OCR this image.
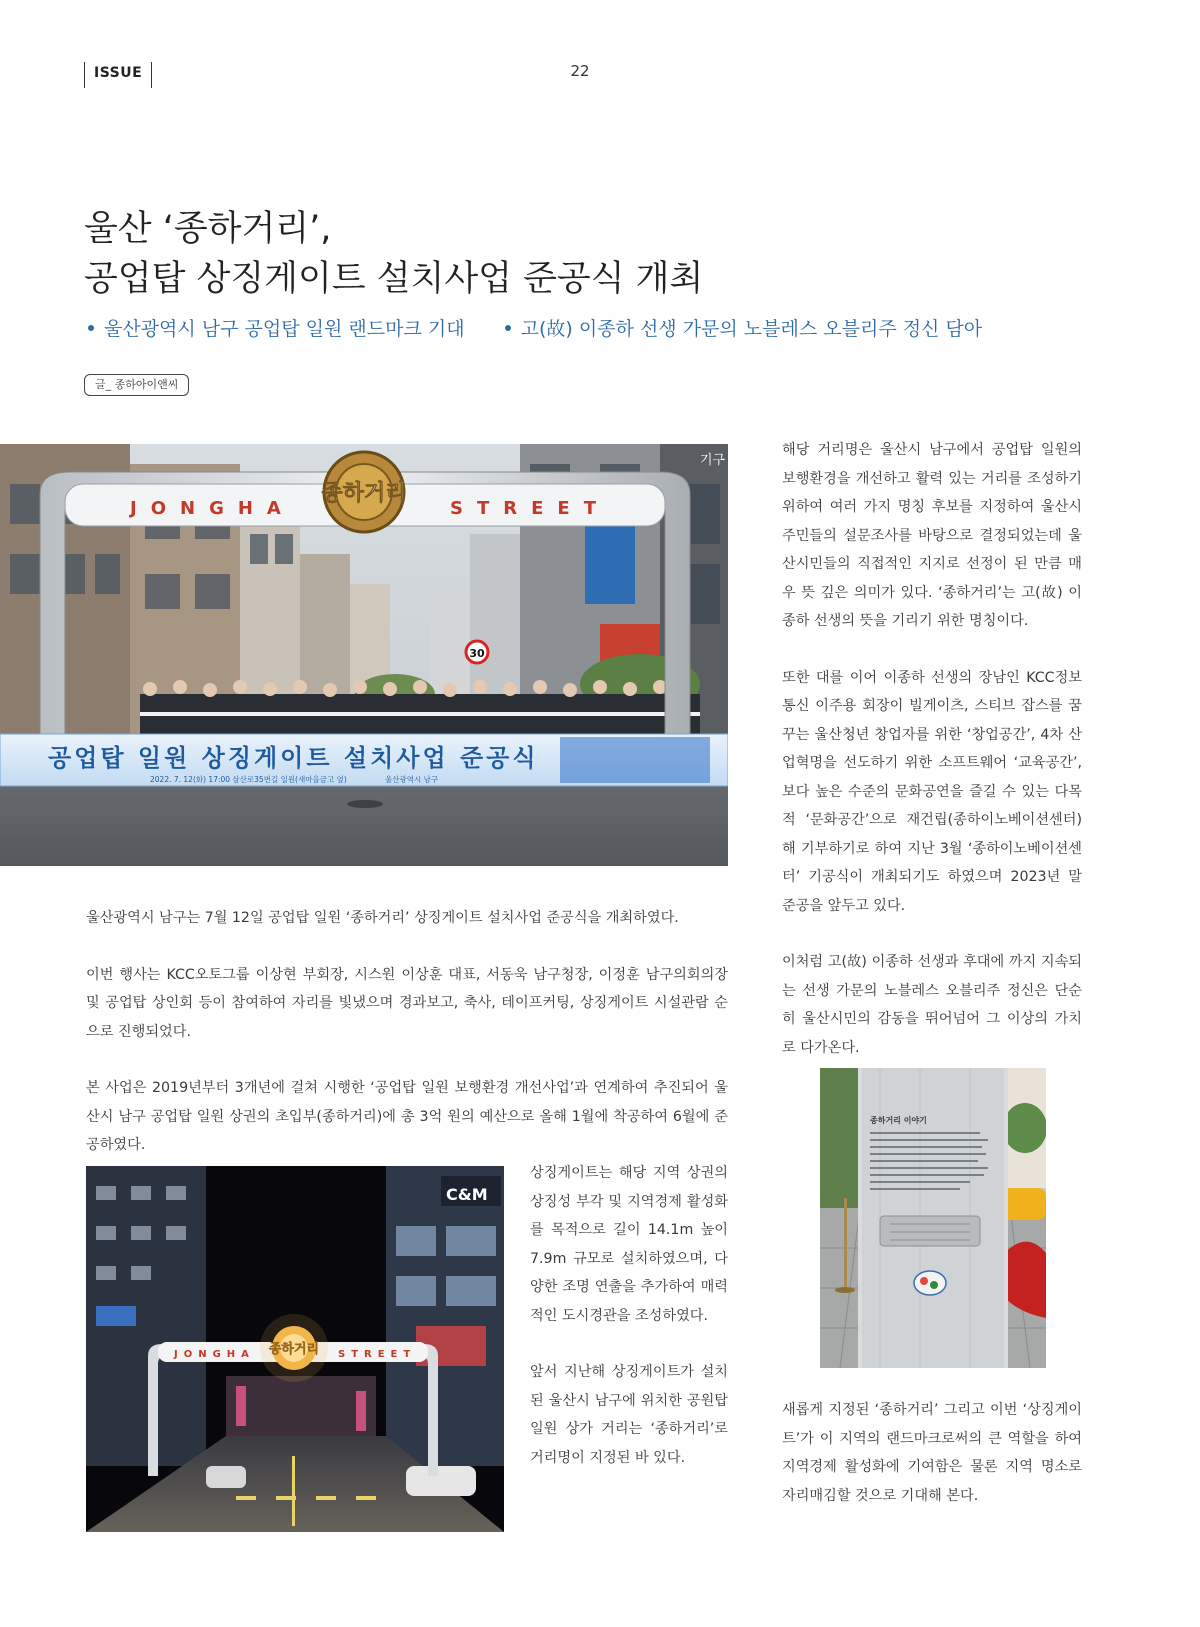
ISSUE	22
울산 ‘종하거리’,
공업탑 상징게이트 설치사업 준공식 개최
울산광역시 남구 공업탑 일원 랜드마크 기대	고(故) 이종하 선생 가문의 노블레스 오블리주 정신 담아
글_ 종하아이앤씨
기구
30
JONGHA	STREET
종하거리
공업탑 일원 상징게이트 설치사업 준공식
2022. 7. 12(화) 17:00 삼산로35번길 일원(새마을금고 옆)	울산광역시 남구

울산광역시 남구는 7월 12일 공업탑 일원 ‘종하거리’ 상징게이트 설치사업 준공식을 개최하였다.

이번 행사는 KCC오토그룹 이상현 부회장, 시스원 이상훈 대표, 서동욱 남구청장, 이정훈 남구의회의장 및 공업탑 상인회 등이 참여하여 자리를 빛냈으며 경과보고, 축사, 테이프커팅, 상징게이트 시설관람 순으로 진행되었다.

본 사업은 2019년부터 3개년에 걸쳐 시행한 ‘공업탑 일원 보행환경 개선사업’과 연계하여 추진되어 울산시 남구 공업탑 일원 상권의 초입부(종하거리)에 총 3억 원의 예산으로 올해 1월에 착공하여 6월에 준공하였다.

C&M
JONGHA	STREET
종하거리

상징게이트는 해당 지역 상권의 상징성 부각 및 지역경제 활성화를 목적으로 길이 14.1m 높이 7.9m 규모로 설치하였으며, 다양한 조명 연출을 추가하여 매력적인 도시경관을 조성하였다.

앞서 지난해 상징게이트가 설치된 울산시 남구에 위치한 공원탑 일원 상가 거리는 ‘종하거리’로 거리명이 지정된 바 있다.

해당 거리명은 울산시 남구에서 공업탑 일원의 보행환경을 개선하고 활력 있는 거리를 조성하기 위하여 여러 가지 명칭 후보를 지정하여 울산시 주민들의 설문조사를 바탕으로 결정되었는데 울산시민들의 직접적인 지지로 선정이 된 만큼 매우 뜻 깊은 의미가 있다. ‘종하거리’는 고(故) 이종하 선생의 뜻을 기리기 위한 명칭이다.

또한 대를 이어 이종하 선생의 장남인 KCC정보통신 이주용 회장이 빌게이츠, 스티브 잡스를 꿈꾸는 울산청년 창업자를 위한 ‘창업공간’, 4차 산업혁명을 선도하기 위한 소프트웨어 ‘교육공간’, 보다 높은 수준의 문화공연을 즐길 수 있는 다목적 ‘문화공간’으로 재건립(종하이노베이션센터)해 기부하기로 하여 지난 3월 ‘종하이노베이션센터’ 기공식이 개최되기도 하였으며 2023년 말 준공을 앞두고 있다.

이처럼 고(故) 이종하 선생과 후대에 까지 지속되는 선생 가문의 노블레스 오블리주 정신은 단순히 울산시민의 감동을 뛰어넘어 그 이상의 가치로 다가온다.

종하거리 이야기

새롭게 지정된 ‘종하거리’ 그리고 이번 ‘상징게이트’가 이 지역의 랜드마크로써의 큰 역할을 하여 지역경제 활성화에 기여함은 물론 지역 명소로 자리매김할 것으로 기대해 본다.
